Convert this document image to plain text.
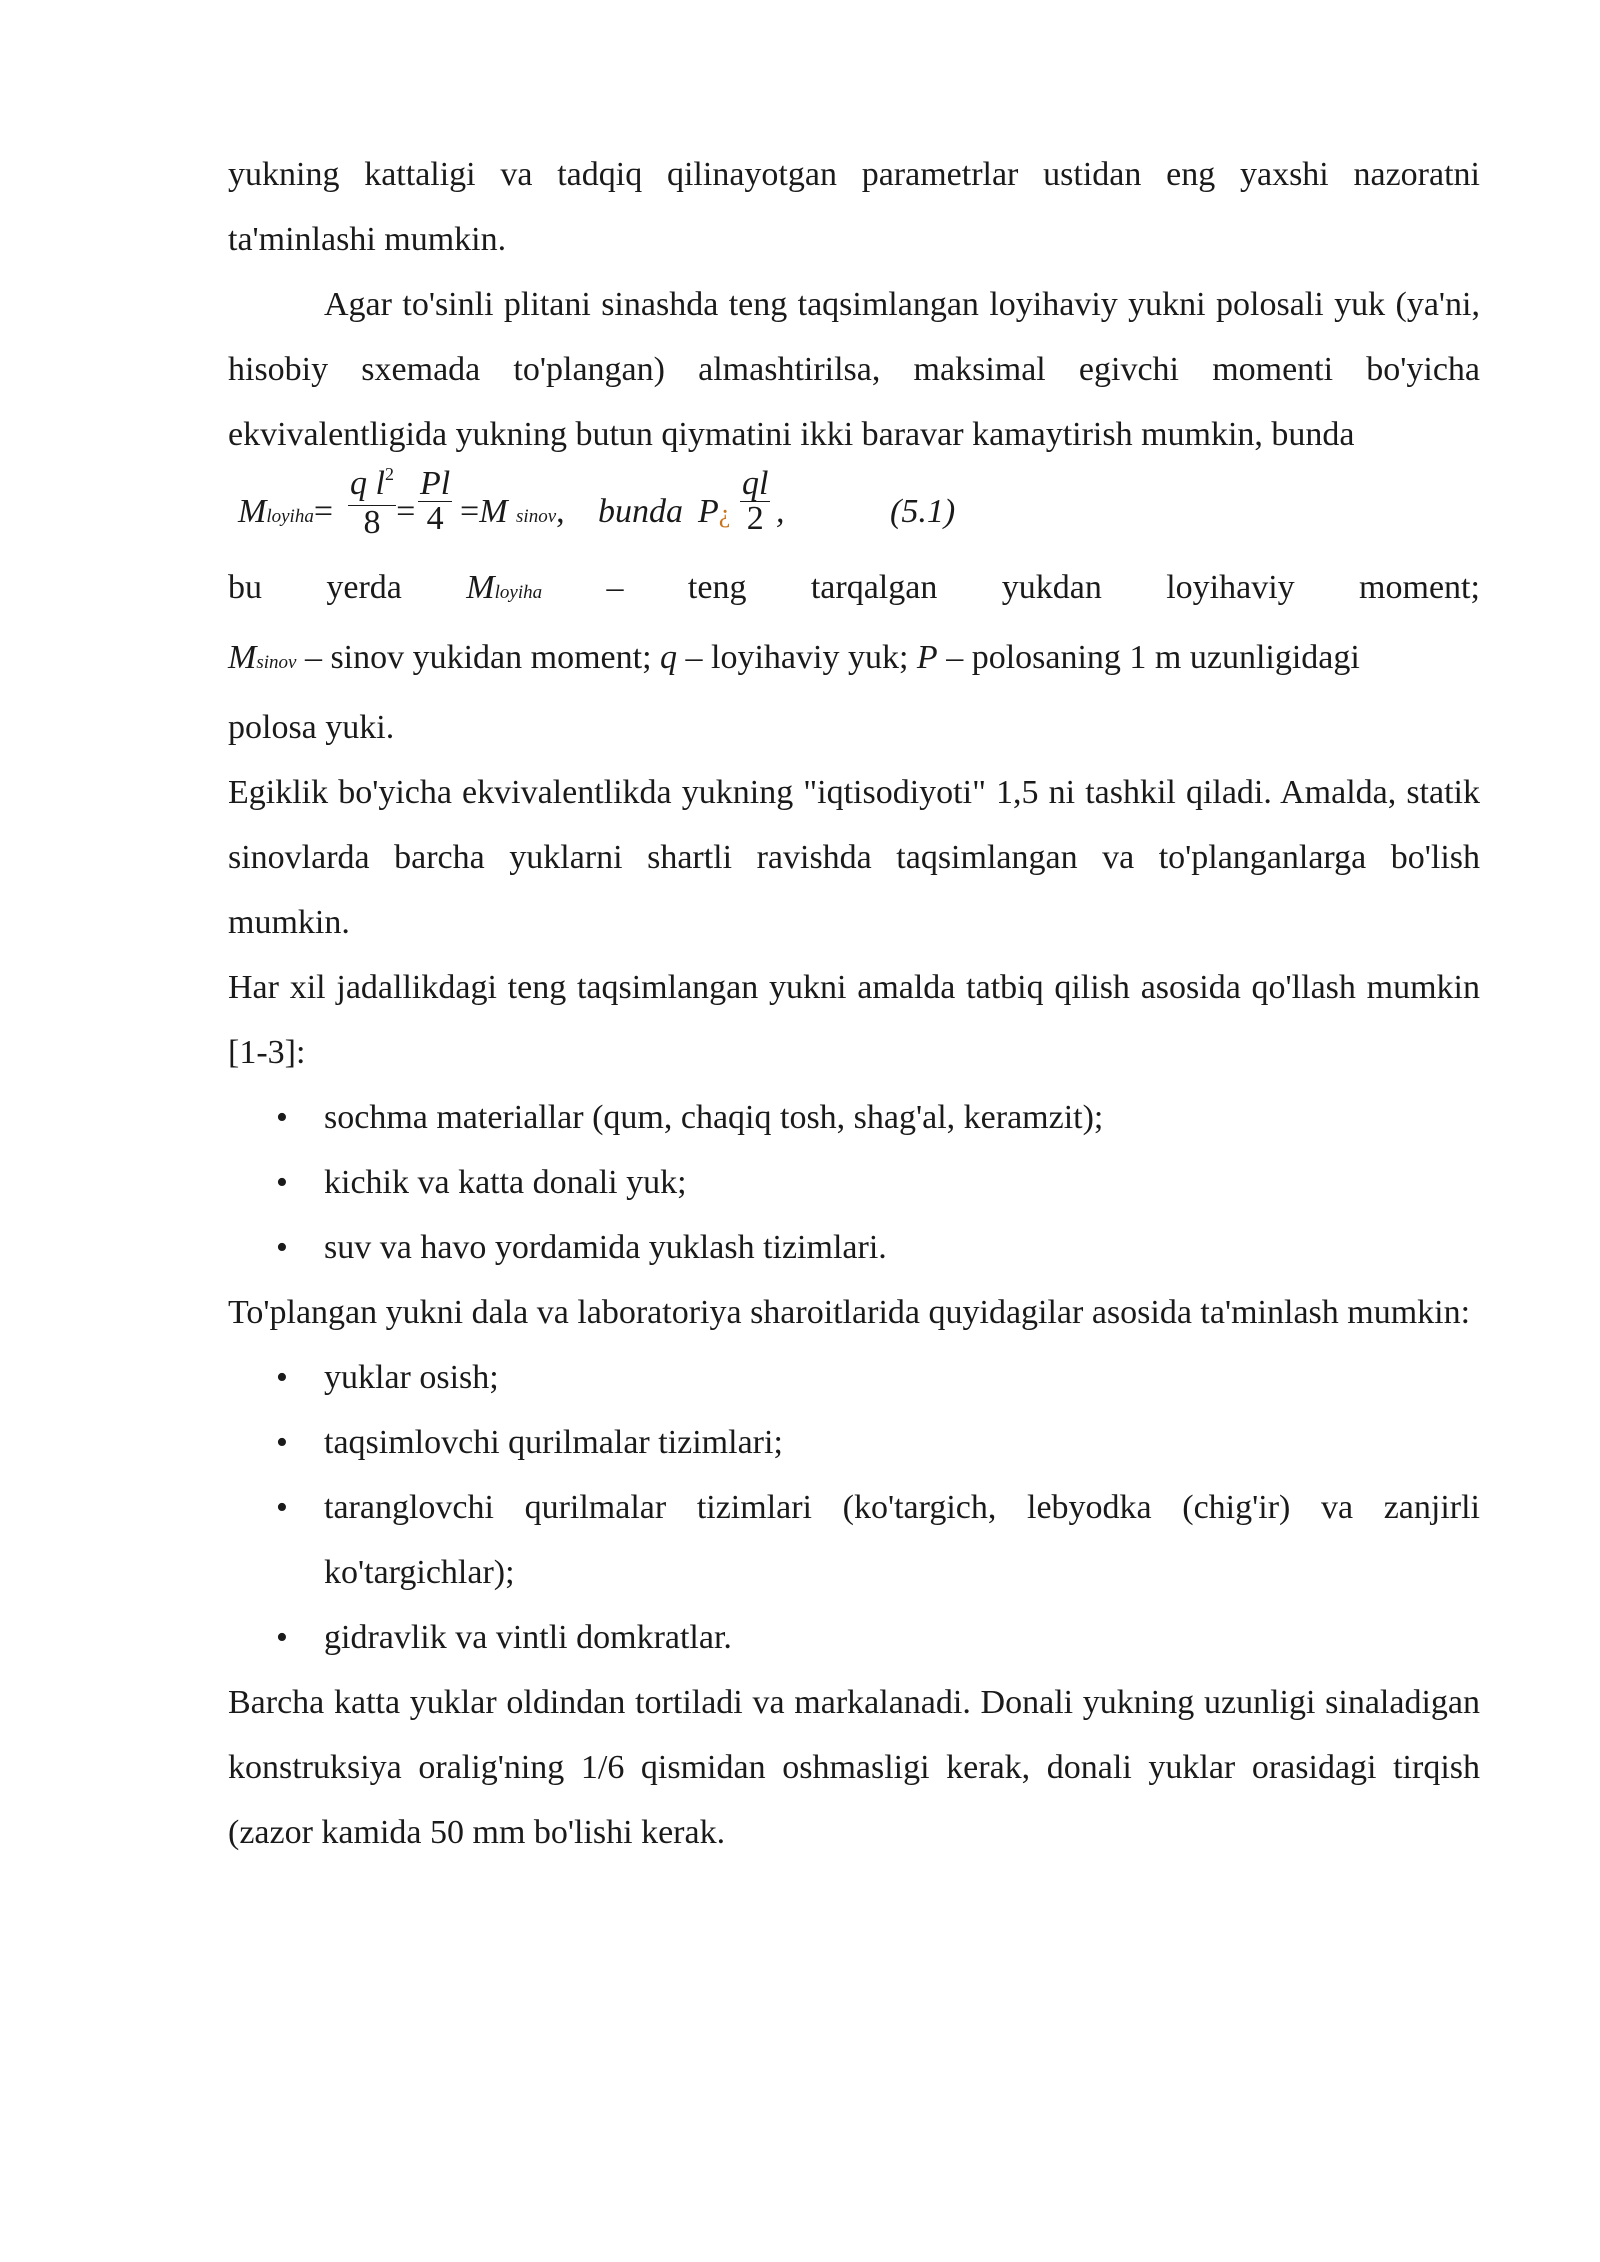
yukning kattaligi va tadqiq qilinayotgan parametrlar ustidan eng yaxshi nazoratni ta'minlashi mumkin.

Agar to'sinli plitani sinashda teng taqsimlangan loyihaviy yukni polosali yuk (ya'ni, hisobiy sxemada to'plangan) almashtirilsa, maksimal egivchi momenti bo'yicha ekvivalentligida yukning butun qiymatini ikki baravar kamaytirish mumkin, bunda

Mloyiha= $\frac{q l^2}{8}$
= $\frac{Pl}{4} =M$ sinov, bunda P¿ $\frac{ql}{2}$ ,	(5.1)
bu yerda Mloyiha – teng tarqalgan yukdan loyihaviy moment;
Msinov – sinov yukidan moment; q – loyihaviy yuk; P – polosaning 1 m uzunligidagi
polosa yuki.

Egiklik bo'yicha ekvivalentlikda yukning "iqtisodiyoti" 1,5 ni tashkil qiladi. Amalda, statik sinovlarda barcha yuklarni shartli ravishda taqsimlangan va to'planganlarga bo'lish mumkin.

Har xil jadallikdagi teng taqsimlangan yukni amalda tatbiq qilish asosida qo'llash mumkin [1-3]:

• sochma materiallar (qum, chaqiq tosh, shag'al, keramzit);
• kichik va katta donali yuk;
• suv va havo yordamida yuklash tizimlari.

To'plangan yukni dala va laboratoriya sharoitlarida quyidagilar asosida ta'minlash mumkin:

• yuklar osish;
• taqsimlovchi qurilmalar tizimlari;
• taranglovchi qurilmalar tizimlari (ko'targich, lebyodka (chig'ir) va zanjirli ko'targichlar);
• gidravlik va vintli domkratlar.

Barcha katta yuklar oldindan tortiladi va markalanadi. Donali yukning uzunligi sinaladigan konstruksiya oralig'ning 1/6 qismidan oshmasligi kerak, donali yuklar orasidagi tirqish (zazor kamida 50 mm bo'lishi kerak.
